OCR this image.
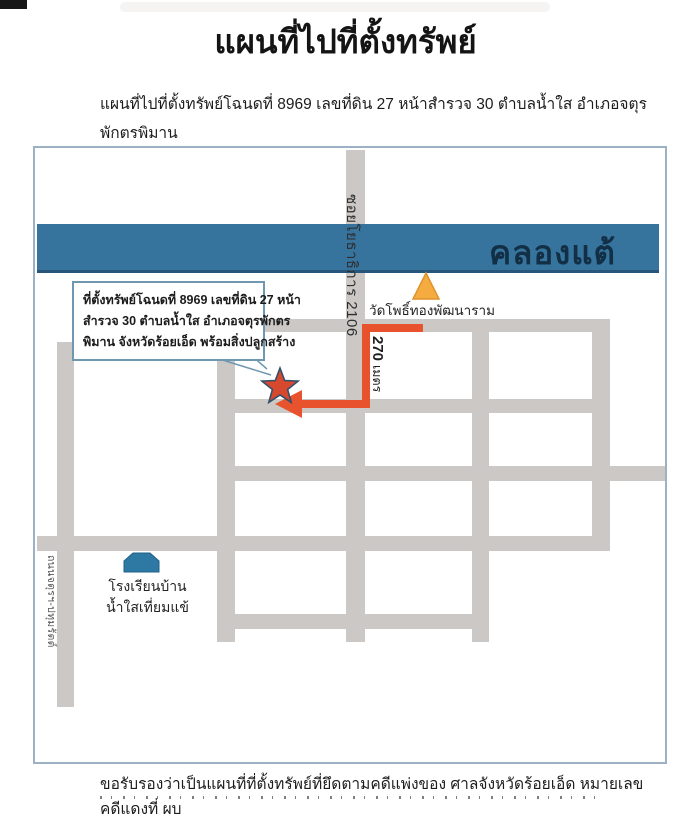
แผนที่ไปที่ตั้งทรัพย์
แผนที่ไปที่ตั้งทรัพย์โฉนดที่ 8969 เลขที่ดิน 27 หน้าสำรวจ 30 ตำบลน้ำใส อำเภอจตุรพักตรพิมาน
คลองแต้
ซอยโยธาธิการ 2106
270เมตร
วัดโพธิ์ทองพัฒนาราม
โรงเรียนบ้าน
น้ำใสเที่ยมแข้
ถนนจตุรฯ-ปทุมรัตต์
ที่ตั้งทรัพย์โฉนดที่ 8969 เลขที่ดิน 27 หน้า
สำรวจ 30 ตำบลน้ำใส อำเภอจตุรพักตร
พิมาน จังหวัดร้อยเอ็ด พร้อมสิ่งปลูกสร้าง
ขอรับรองว่าเป็นแผนที่ที่ตั้งทรัพย์ที่ยึดตามคดีแพ่งของ ศาลจังหวัดร้อยเอ็ด หมายเลขคดีแดงที่ ผบ
